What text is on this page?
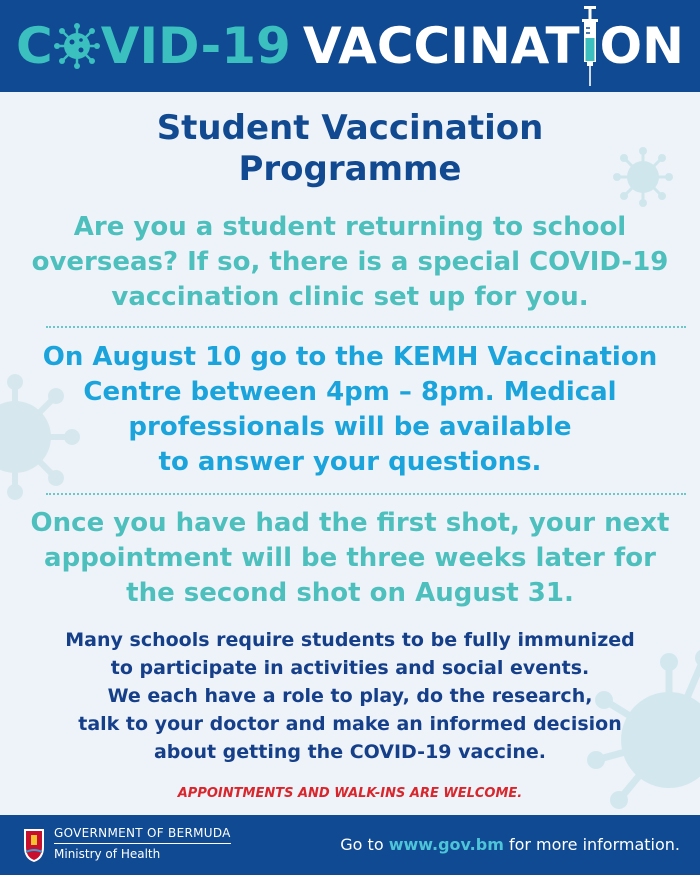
C VID-19 VACCINAT ON
Student Vaccination
Programme
Are you a student returning to school overseas? If so, there is a special COVID-19 vaccination clinic set up for you.
On August 10 go to the KEMH Vaccination
Centre between 4pm – 8pm. Medical
professionals will be available
to answer your questions.
Once you have had the first shot, your next appointment will be three weeks later for the second shot on August 31.
Many schools require students to be fully immunized
to participate in activities and social events.
We each have a role to play, do the research,
talk to your doctor and make an informed decision
about getting the COVID-19 vaccine.
APPOINTMENTS AND WALK-INS ARE WELCOME.
GOVERNMENT OF BERMUDA
Ministry of Health	Go to www.gov.bm for more information.
